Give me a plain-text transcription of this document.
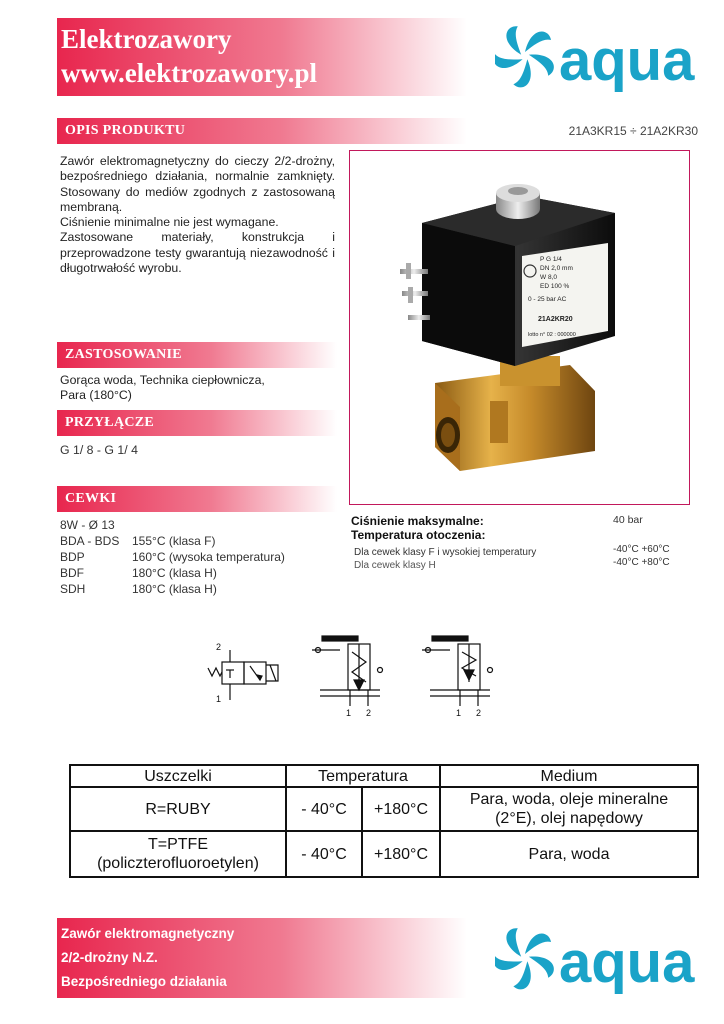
Elektrozawory
www.elektrozawory.pl	aqua
OPIS PRODUKTU	21A3KR15 ÷ 21A2KR30

Zawór elektromagnetyczny do cieczy 2/2-drożny, bezpośredniego działania, normalnie zamknięty. Stosowany do mediów zgodnych z zastosowaną membraną.

Ciśnienie minimalne nie jest wymagane.

Zastosowane materiały, konstrukcja i przeprowadzone testy gwarantują niezawodność i długotrwałość wyrobu.

P G 1/4
DN 2,0 mm
W 8,0
ED 100 %
0 - 25 bar AC
21A2KR20
lotto n° 02 : 000000
ZASTOSOWANIE
Gorąca woda, Technika ciepłownicza,
Para (180°C)
PRZYŁĄCZE
G 1/ 8 - G 1/ 4
CEWKI
8W - Ø 13
BDA - BDS	155°C (klasa F)
BDP	160°C (wysoka temperatura)
BDF	180°C (klasa H)
SDH	180°C (klasa H)
Ciśnienie maksymalne:	40 bar
Temperatura otoczenia:
Dla cewek klasy F i wysokiej temperatury	-40°C +60°C
Dla cewek klasy H	-40°C +80°C
2
1
1 2	1 2
Uszczelki	Temperatura		Medium
R=RUBY	- 40°C	+180°C	Para, woda, oleje mineralne
(2°E), olej napędowy

T=PTFE
(policzterofluoroetylen)	- 40°C	+180°C	Para, woda
Zawór elektromagnetyczny
2/2-drożny N.Z.
Bezpośredniego działania	aqua
